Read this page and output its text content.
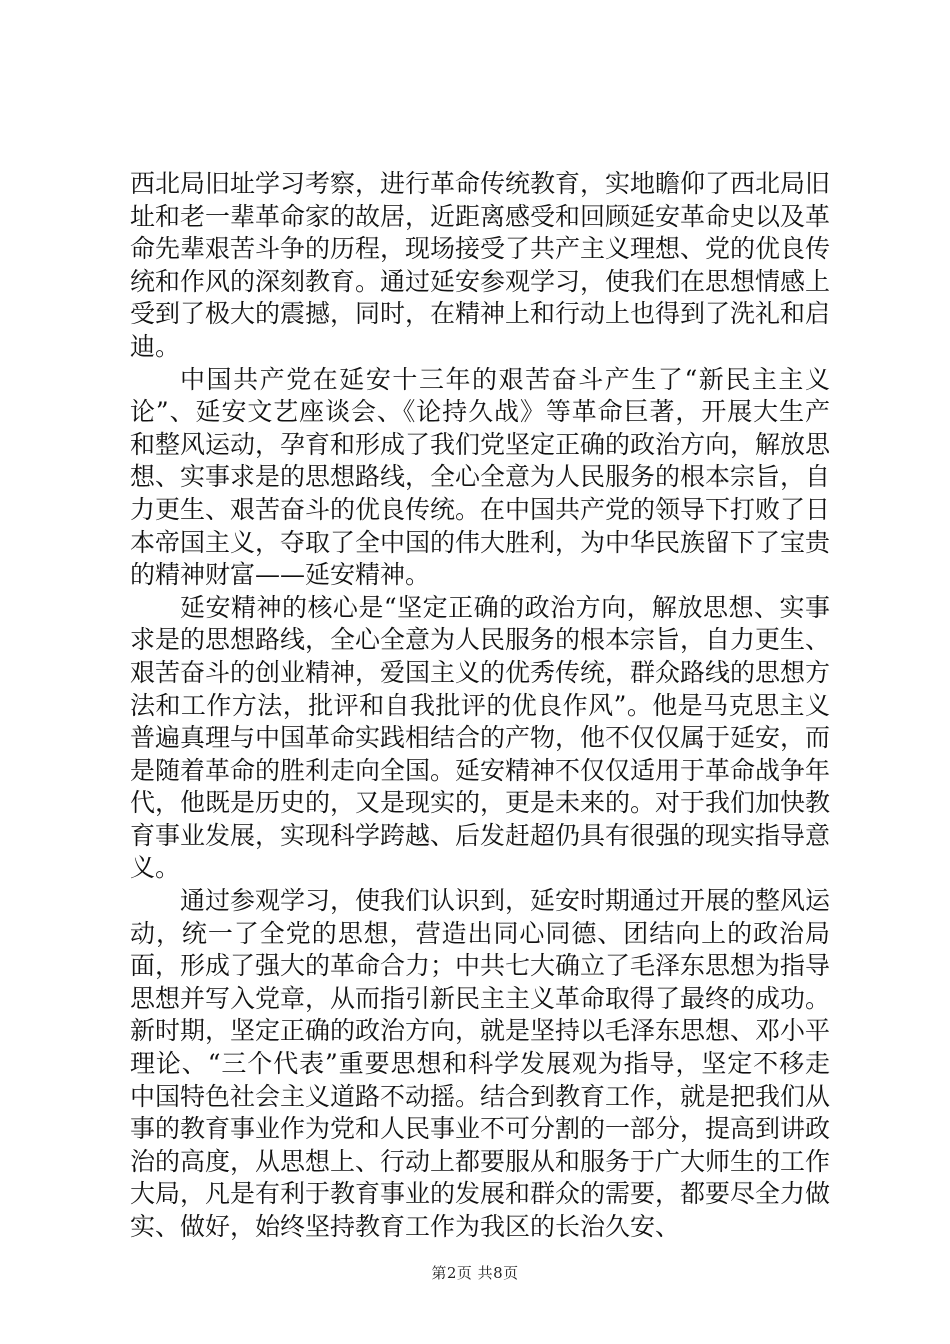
西北局旧址学习考察，进行革命传统教育，实地瞻仰了西北局旧址和老一辈革命家的故居，近距离感受和回顾延安革命史以及革命先辈艰苦斗争的历程，现场接受了共产主义理想、党的优良传统和作风的深刻教育。通过延安参观学习，使我们在思想情感上受到了极大的震撼，同时，在精神上和行动上也得到了洗礼和启迪。

中国共产党在延安十三年的艰苦奋斗产生了“新民主主义论”、延安文艺座谈会、《论持久战》等革命巨著，开展大生产和整风运动，孕育和形成了我们党坚定正确的政治方向，解放思想、实事求是的思想路线，全心全意为人民服务的根本宗旨，自力更生、艰苦奋斗的优良传统。在中国共产党的领导下打败了日本帝国主义，夺取了全中国的伟大胜利，为中华民族留下了宝贵的精神财富——延安精神。

延安精神的核心是“坚定正确的政治方向，解放思想、实事求是的思想路线，全心全意为人民服务的根本宗旨，自力更生、艰苦奋斗的创业精神，爱国主义的优秀传统，群众路线的思想方法和工作方法，批评和自我批评的优良作风”。他是马克思主义普遍真理与中国革命实践相结合的产物，他不仅仅属于延安，而是随着革命的胜利走向全国。延安精神不仅仅适用于革命战争年代，他既是历史的，又是现实的，更是未来的。对于我们加快教育事业发展，实现科学跨越、后发赶超仍具有很强的现实指导意义。

通过参观学习，使我们认识到，延安时期通过开展的整风运动，统一了全党的思想，营造出同心同德、团结向上的政治局面，形成了强大的革命合力；中共七大确立了毛泽东思想为指导思想并写入党章，从而指引新民主主义革命取得了最终的成功。新时期，坚定正确的政治方向，就是坚持以毛泽东思想、邓小平理论、“三个代表”重要思想和科学发展观为指导，坚定不移走中国特色社会主义道路不动摇。结合到教育工作，就是把我们从事的教育事业作为党和人民事业不可分割的一部分，提高到讲政治的高度，从思想上、行动上都要服从和服务于广大师生的工作大局，凡是有利于教育事业的发展和群众的需要，都要尽全力做实、做好，始终坚持教育工作为我区的长治久安、

第2页 共8页
